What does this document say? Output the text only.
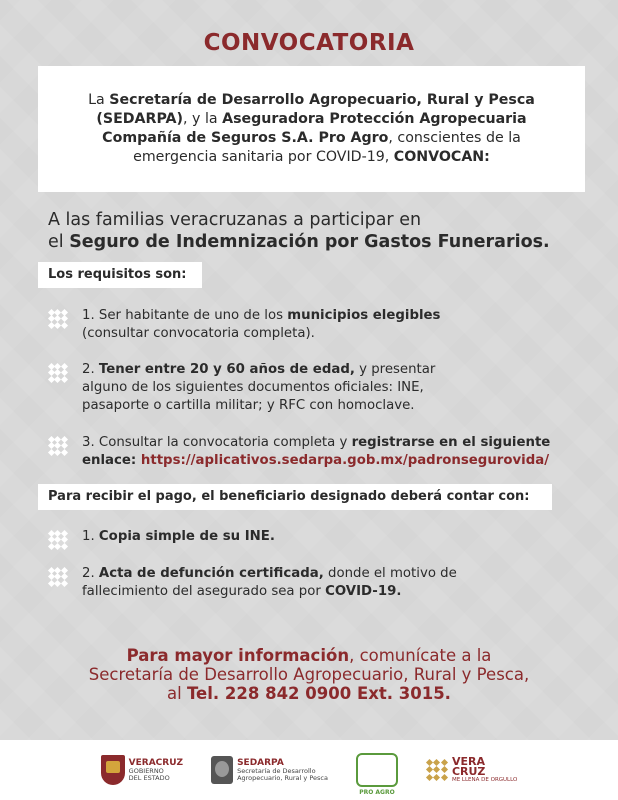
CONVOCATORIA
La Secretaría de Desarrollo Agropecuario, Rural y Pesca (SEDARPA), y la Aseguradora Protección Agropecuaria Compañía de Seguros S.A. Pro Agro, conscientes de la emergencia sanitaria por COVID-19, CONVOCAN:
A las familias veracruzanas a participar en
el Seguro de Indemnización por Gastos Funerarios.
Los requisitos son:
1. Ser habitante de uno de los municipios elegibles (consultar convocatoria completa).
2. Tener entre 20 y 60 años de edad, y presentar alguno de los siguientes documentos oficiales: INE, pasaporte o cartilla militar; y RFC con homoclave.
3. Consultar la convocatoria completa y registrarse en el siguiente enlace: https://aplicativos.sedarpa.gob.mx/padronsegurovida/
Para recibir el pago, el beneficiario designado deberá contar con:
1. Copia simple de su INE.
2. Acta de defunción certificada, donde el motivo de fallecimiento del asegurado sea por COVID-19.
Para mayor información, comunícate a la
Secretaría de Desarrollo Agropecuario, Rural y Pesca,
al Tel. 228 842 0900 Ext. 3015.
VERACRUZ
GOBIERNO
DEL ESTADO
SEDARPA
Secretaría de Desarrollo
Agropecuario, Rural y Pesca
PRO AGRO
VERA
CRUZ
ME LLENA DE ORGULLO
